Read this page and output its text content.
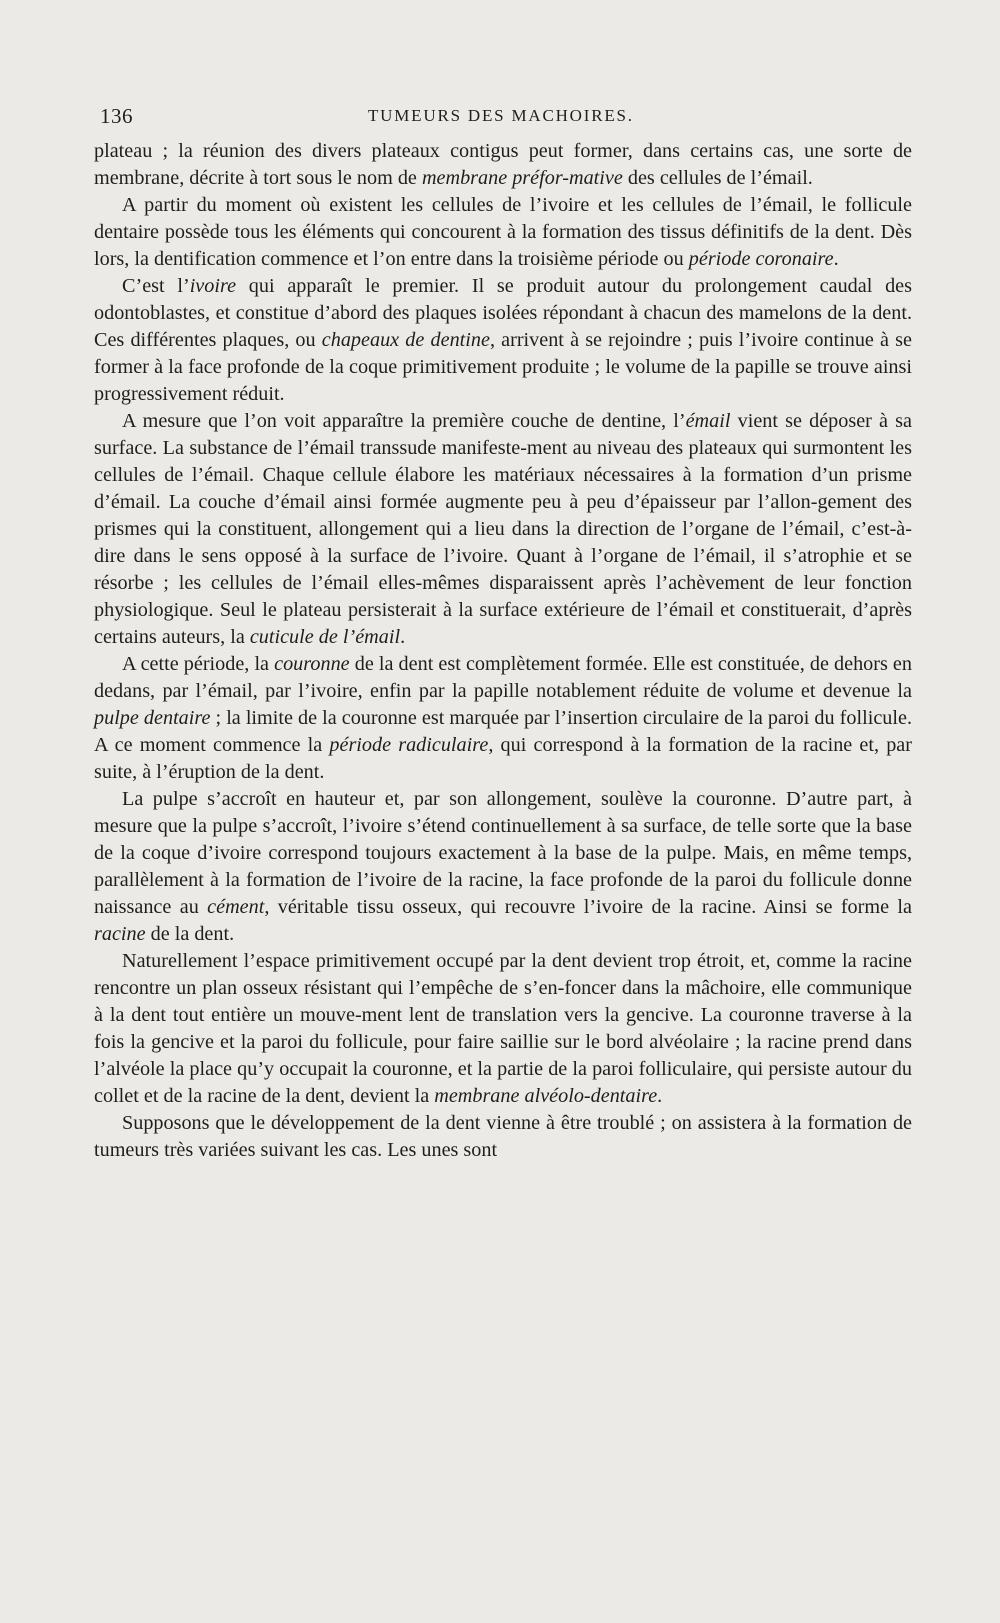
136	TUMEURS DES MACHOIRES.

plateau ; la réunion des divers plateaux contigus peut former, dans certains cas, une sorte de membrane, décrite à tort sous le nom de membrane préfor-mative des cellules de l’émail.

A partir du moment où existent les cellules de l’ivoire et les cellules de l’émail, le follicule dentaire possède tous les éléments qui concourent à la formation des tissus définitifs de la dent. Dès lors, la dentification commence et l’on entre dans la troisième période ou période coronaire.

C’est l’ivoire qui apparaît le premier. Il se produit autour du prolongement caudal des odontoblastes, et constitue d’abord des plaques isolées répondant à chacun des mamelons de la dent. Ces différentes plaques, ou chapeaux de dentine, arrivent à se rejoindre ; puis l’ivoire continue à se former à la face profonde de la coque primitivement produite ; le volume de la papille se trouve ainsi progressivement réduit.

A mesure que l’on voit apparaître la première couche de dentine, l’émail vient se déposer à sa surface. La substance de l’émail transsude manifeste-ment au niveau des plateaux qui surmontent les cellules de l’émail. Chaque cellule élabore les matériaux nécessaires à la formation d’un prisme d’émail. La couche d’émail ainsi formée augmente peu à peu d’épaisseur par l’allon-gement des prismes qui la constituent, allongement qui a lieu dans la direction de l’organe de l’émail, c’est-à-dire dans le sens opposé à la surface de l’ivoire. Quant à l’organe de l’émail, il s’atrophie et se résorbe ; les cellules de l’émail elles-mêmes disparaissent après l’achèvement de leur fonction physiologique. Seul le plateau persisterait à la surface extérieure de l’émail et constituerait, d’après certains auteurs, la cuticule de l’émail.

A cette période, la couronne de la dent est complètement formée. Elle est constituée, de dehors en dedans, par l’émail, par l’ivoire, enfin par la papille notablement réduite de volume et devenue la pulpe dentaire ; la limite de la couronne est marquée par l’insertion circulaire de la paroi du follicule. A ce moment commence la période radiculaire, qui correspond à la formation de la racine et, par suite, à l’éruption de la dent.

La pulpe s’accroît en hauteur et, par son allongement, soulève la couronne. D’autre part, à mesure que la pulpe s’accroît, l’ivoire s’étend continuellement à sa surface, de telle sorte que la base de la coque d’ivoire correspond toujours exactement à la base de la pulpe. Mais, en même temps, parallèlement à la formation de l’ivoire de la racine, la face profonde de la paroi du follicule donne naissance au cément, véritable tissu osseux, qui recouvre l’ivoire de la racine. Ainsi se forme la racine de la dent.

Naturellement l’espace primitivement occupé par la dent devient trop étroit, et, comme la racine rencontre un plan osseux résistant qui l’empêche de s’en-foncer dans la mâchoire, elle communique à la dent tout entière un mouve-ment lent de translation vers la gencive. La couronne traverse à la fois la gencive et la paroi du follicule, pour faire saillie sur le bord alvéolaire ; la racine prend dans l’alvéole la place qu’y occupait la couronne, et la partie de la paroi folliculaire, qui persiste autour du collet et de la racine de la dent, devient la membrane alvéolo-dentaire.

Supposons que le développement de la dent vienne à être troublé ; on assistera à la formation de tumeurs très variées suivant les cas. Les unes sont
